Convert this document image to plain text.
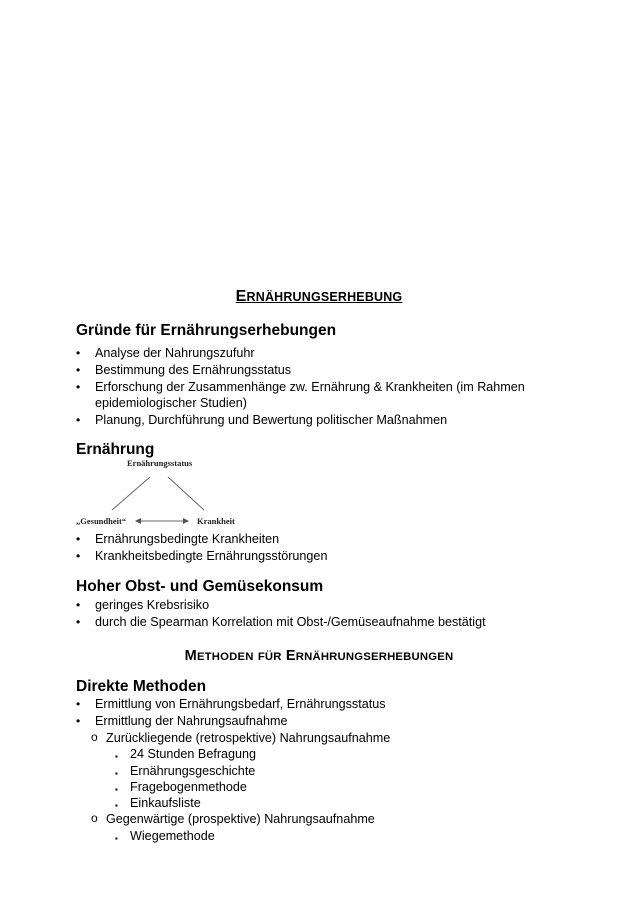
ERNÄHRUNGSERHEBUNG
Gründe für Ernährungserhebungen
• Analyse der Nahrungszufuhr
• Bestimmung des Ernährungsstatus
• Erforschung der Zusammenhänge zw. Ernährung & Krankheiten (im Rahmen
epidemiologischer Studien)
• Planung, Durchführung und Bewertung politischer Maßnahmen
Ernährung
Ernährungsstatus
„Gesundheit“	Krankheit
• Ernährungsbedingte Krankheiten
• Krankheitsbedingte Ernährungsstörungen
Hoher Obst- und Gemüsekonsum
• geringes Krebsrisiko
• durch die Spearman Korrelation mit Obst-/Gemüseaufnahme bestätigt
METHODEN FÜR ERNÄHRUNGSERHEBUNGEN
Direkte Methoden
• Ermittlung von Ernährungsbedarf, Ernährungsstatus
• Ermittlung der Nahrungsaufnahme
o Zurückliegende (retrospektive) Nahrungsaufnahme
▪ 24 Stunden Befragung
▪ Ernährungsgeschichte
▪ Fragebogenmethode
▪ Einkaufsliste
o Gegenwärtige (prospektive) Nahrungsaufnahme
▪ Wiegemethode
